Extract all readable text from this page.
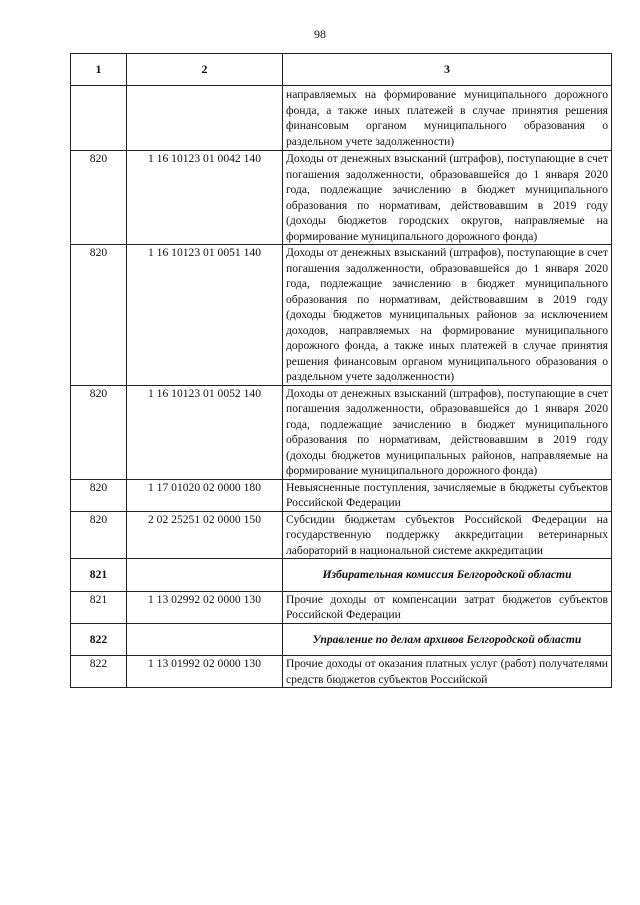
98
1	2	3
		направляемых на формирование муниципального дорожного фонда, а также иных платежей в случае принятия решения финансовым органом муниципального образования о раздельном учете задолженности)
820	1 16 10123 01 0042 140	Доходы от денежных взысканий (штрафов), поступающие в счет погашения задолженности, образовавшейся до 1 января 2020 года, подлежащие зачислению в бюджет муниципального образования по нормативам, действовавшим в 2019 году (доходы бюджетов городских округов, направляемые на формирование муниципального дорожного фонда)
820	1 16 10123 01 0051 140	Доходы от денежных взысканий (штрафов), поступающие в счет погашения задолженности, образовавшейся до 1 января 2020 года, подлежащие зачислению в бюджет муниципального образования по нормативам, действовавшим в 2019 году (доходы бюджетов муниципальных районов за исключением доходов, направляемых на формирование муниципального дорожного фонда, а также иных платежей в случае принятия решения финансовым органом муниципального образования о раздельном учете задолженности)
820	1 16 10123 01 0052 140	Доходы от денежных взысканий (штрафов), поступающие в счет погашения задолженности, образовавшейся до 1 января 2020 года, подлежащие зачислению в бюджет муниципального образования по нормативам, действовавшим в 2019 году (доходы бюджетов муниципальных районов, направляемые на формирование муниципального дорожного фонда)
820	1 17 01020 02 0000 180	Невыясненные поступления, зачисляемые в бюджеты субъектов Российской Федерации
820	2 02 25251 02 0000 150	Субсидии бюджетам субъектов Российской Федерации на государственную поддержку аккредитации ветеринарных лабораторий в национальной системе аккредитации
821		Избирательная комиссия Белгородской области
821	1 13 02992 02 0000 130	Прочие доходы от компенсации затрат бюджетов субъектов Российской Федерации
822		Управление по делам архивов Белгородской области
822	1 13 01992 02 0000 130	Прочие доходы от оказания платных услуг (работ) получателями средств бюджетов субъектов Российской
